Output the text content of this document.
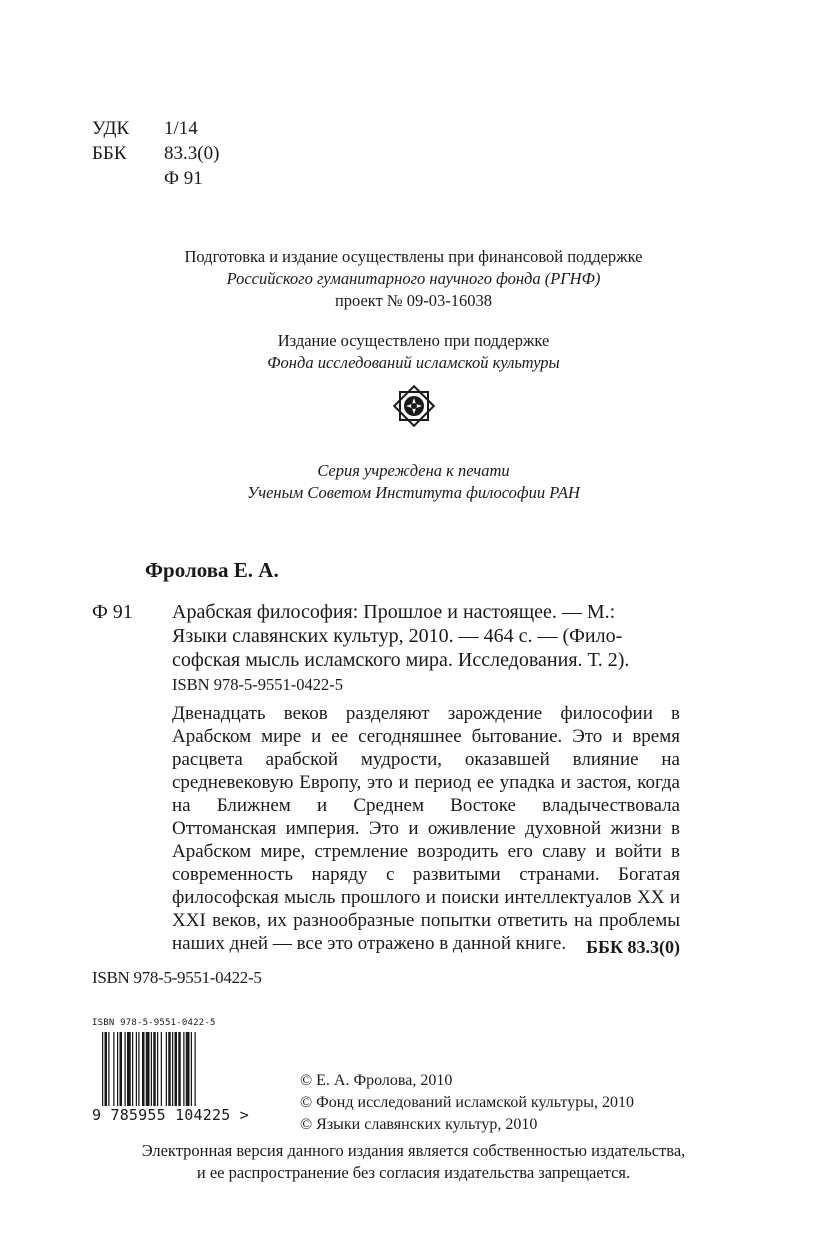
УДК	1/14
ББК	83.3(0)
Ф 91
Подготовка и издание осуществлены при финансовой поддержке
Российского гуманитарного научного фонда (РГНФ)
проект № 09-03-16038
Издание осуществлено при поддержке
Фонда исследований исламской культуры
Серия учреждена к печати
Ученым Советом Института философии РАН
Фролова Е. А.
Ф 91 Арабская философия: Прошлое и настоящее. — М.:
Языки славянских культур, 2010. — 464 с. — (Фило-
софская мысль исламского мира. Исследования. Т. 2).
ISBN 978-5-9551-0422-5
Двенадцать веков разделяют зарождение философии в Арабском мире и ее сегодняшнее бытование. Это и время расцвета арабской мудрости, оказавшей влияние на средневековую Европу, это и период ее упадка и застоя, когда на Ближнем и Среднем Востоке владычествовала Оттоманская империя. Это и оживление духовной жизни в Арабском мире, стремление возродить его славу и войти в современность наряду с развитыми странами. Богатая философская мысль прошлого и поиски интеллектуалов XX и XXI веков, их разнообразные попытки ответить на проблемы наших дней — все это отражено в данной книге.	ББК 83.3(0)
ISBN 978-5-9551-0422-5
ISBN 978-5-9551-0422-5
9 785955 104225 >
© Е. А. Фролова, 2010
© Фонд исследований исламской культуры, 2010
© Языки славянских культур, 2010
Электронная версия данного издания является собственностью издательства,
и ее распространение без согласия издательства запрещается.
